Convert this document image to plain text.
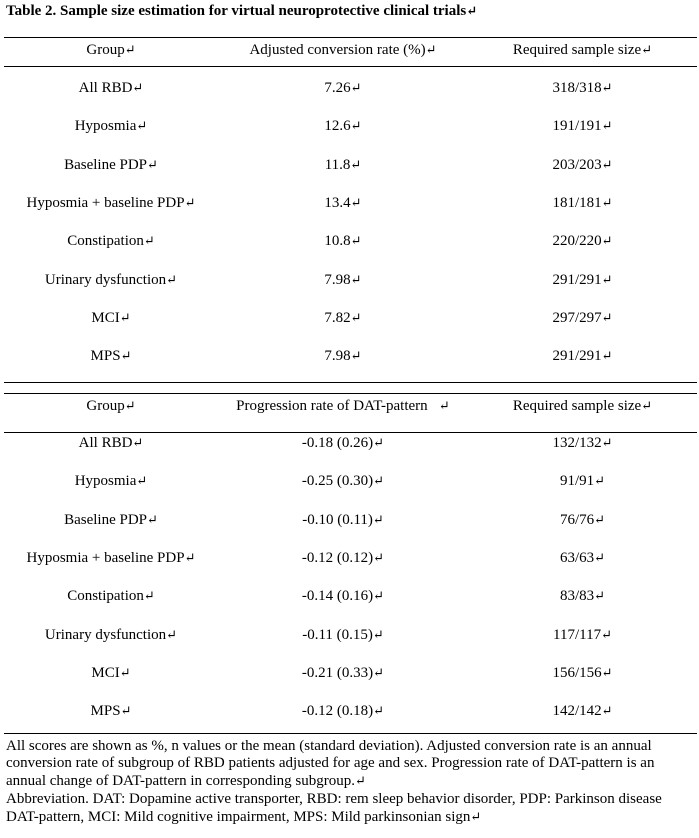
Table 2. Sample size estimation for virtual neuroprotective clinical trials↵
Group↵	Adjusted conversion rate (%)↵	Required sample size↵
All RBD↵	7.26↵	318/318↵
Hyposmia↵	12.6↵	191/191↵
Baseline PDP↵	11.8↵	203/203↵
Hyposmia + baseline PDP↵	13.4↵	181/181↵
Constipation↵	10.8↵	220/220↵
Urinary dysfunction↵	7.98↵	291/291↵
MCI↵	7.82↵	297/297↵
MPS↵	7.98↵	291/291↵
Group↵	Progression rate of DAT-pattern ↵	Required sample size↵
All RBD↵	-0.18 (0.26)↵	132/132↵
Hyposmia↵	-0.25 (0.30)↵	91/91↵
Baseline PDP↵	-0.10 (0.11)↵	76/76↵
Hyposmia + baseline PDP↵	-0.12 (0.12)↵	63/63↵
Constipation↵	-0.14 (0.16)↵	83/83↵
Urinary dysfunction↵	-0.11 (0.15)↵	117/117↵
MCI↵	-0.21 (0.33)↵	156/156↵
MPS↵	-0.12 (0.18)↵	142/142↵

All scores are shown as %, n values or the mean (standard deviation). Adjusted conversion rate is an annual conversion rate of subgroup of RBD patients adjusted for age and sex. Progression rate of DAT-pattern is an annual change of DAT-pattern in corresponding subgroup.↵

Abbreviation. DAT: Dopamine active transporter, RBD: rem sleep behavior disorder, PDP: Parkinson disease DAT-pattern, MCI: Mild cognitive impairment, MPS: Mild parkinsonian sign↵
